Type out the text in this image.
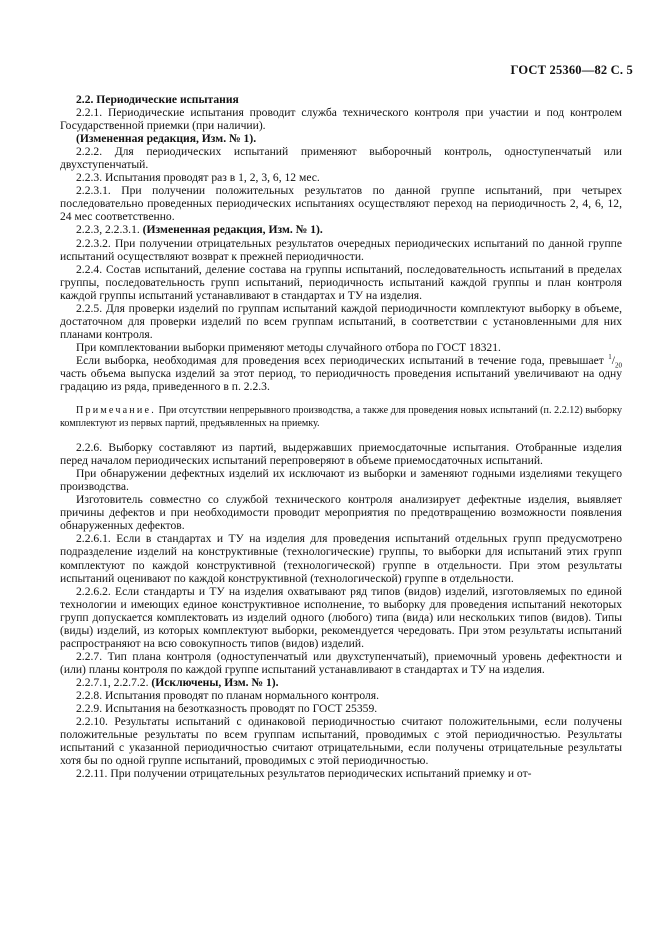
ГОСТ 25360—82 С. 5

2.2. Периодические испытания

2.2.1. Периодические испытания проводит служба технического контроля при участии и под контролем Государственной приемки (при наличии).

(Измененная редакция, Изм. № 1).

2.2.2. Для периодических испытаний применяют выборочный контроль, одноступенчатый или двухступенчатый.

2.2.3. Испытания проводят раз в 1, 2, 3, 6, 12 мес.

2.2.3.1. При получении положительных результатов по данной группе испытаний, при четырех последовательно проведенных периодических испытаниях осуществляют переход на периодичность 2, 4, 6, 12, 24 мес соответственно.

2.2.3, 2.2.3.1. (Измененная редакция, Изм. № 1).

2.2.3.2. При получении отрицательных результатов очередных периодических испытаний по данной группе испытаний осуществляют возврат к прежней периодичности.

2.2.4. Состав испытаний, деление состава на группы испытаний, последовательность испытаний в пределах группы, последовательность групп испытаний, периодичность испытаний каждой группы и план контроля каждой группы испытаний устанавливают в стандартах и ТУ на изделия.

2.2.5. Для проверки изделий по группам испытаний каждой периодичности комплектуют выборку в объеме, достаточном для проверки изделий по всем группам испытаний, в соответствии с установленными для них планами контроля.

При комплектовании выборки применяют методы случайного отбора по ГОСТ 18321.

Если выборка, необходимая для проведения всех периодических испытаний в течение года, превышает $^1/_{20}$ часть объема выпуска изделий за этот период, то периодичность проведения испытаний увеличивают на одну градацию из ряда, приведенного в п. 2.2.3.

Примечание. При отсутствии непрерывного производства, а также для проведения новых испытаний (п. 2.2.12) выборку комплектуют из первых партий, предъявленных на приемку.

2.2.6. Выборку составляют из партий, выдержавших приемосдаточные испытания. Отобранные изделия перед началом периодических испытаний перепроверяют в объеме приемосдаточных испытаний.

При обнаружении дефектных изделий их исключают из выборки и заменяют годными изделиями текущего производства.

Изготовитель совместно со службой технического контроля анализирует дефектные изделия, выявляет причины дефектов и при необходимости проводит мероприятия по предотвращению возможности появления обнаруженных дефектов.

2.2.6.1. Если в стандартах и ТУ на изделия для проведения испытаний отдельных групп предусмотрено подразделение изделий на конструктивные (технологические) группы, то выборки для испытаний этих групп комплектуют по каждой конструктивной (технологической) группе в отдельности. При этом результаты испытаний оценивают по каждой конструктивной (технологической) группе в отдельности.

2.2.6.2. Если стандарты и ТУ на изделия охватывают ряд типов (видов) изделий, изготовляемых по единой технологии и имеющих единое конструктивное исполнение, то выборку для проведения испытаний некоторых групп допускается комплектовать из изделий одного (любого) типа (вида) или нескольких типов (видов). Типы (виды) изделий, из которых комплектуют выборки, рекомендуется чередовать. При этом результаты испытаний распространяют на всю совокупность типов (видов) изделий.

2.2.7. Тип плана контроля (одноступенчатый или двухступенчатый), приемочный уровень дефектности и (или) планы контроля по каждой группе испытаний устанавливают в стандартах и ТУ на изделия.

2.2.7.1, 2.2.7.2. (Исключены, Изм. № 1).

2.2.8. Испытания проводят по планам нормального контроля.

2.2.9. Испытания на безотказность проводят по ГОСТ 25359.

2.2.10. Результаты испытаний с одинаковой периодичностью считают положительными, если получены положительные результаты по всем группам испытаний, проводимых с этой периодичностью. Результаты испытаний с указанной периодичностью считают отрицательными, если получены отрицательные результаты хотя бы по одной группе испытаний, проводимых с этой периодичностью.

2.2.11. При получении отрицательных результатов периодических испытаний приемку и от-
